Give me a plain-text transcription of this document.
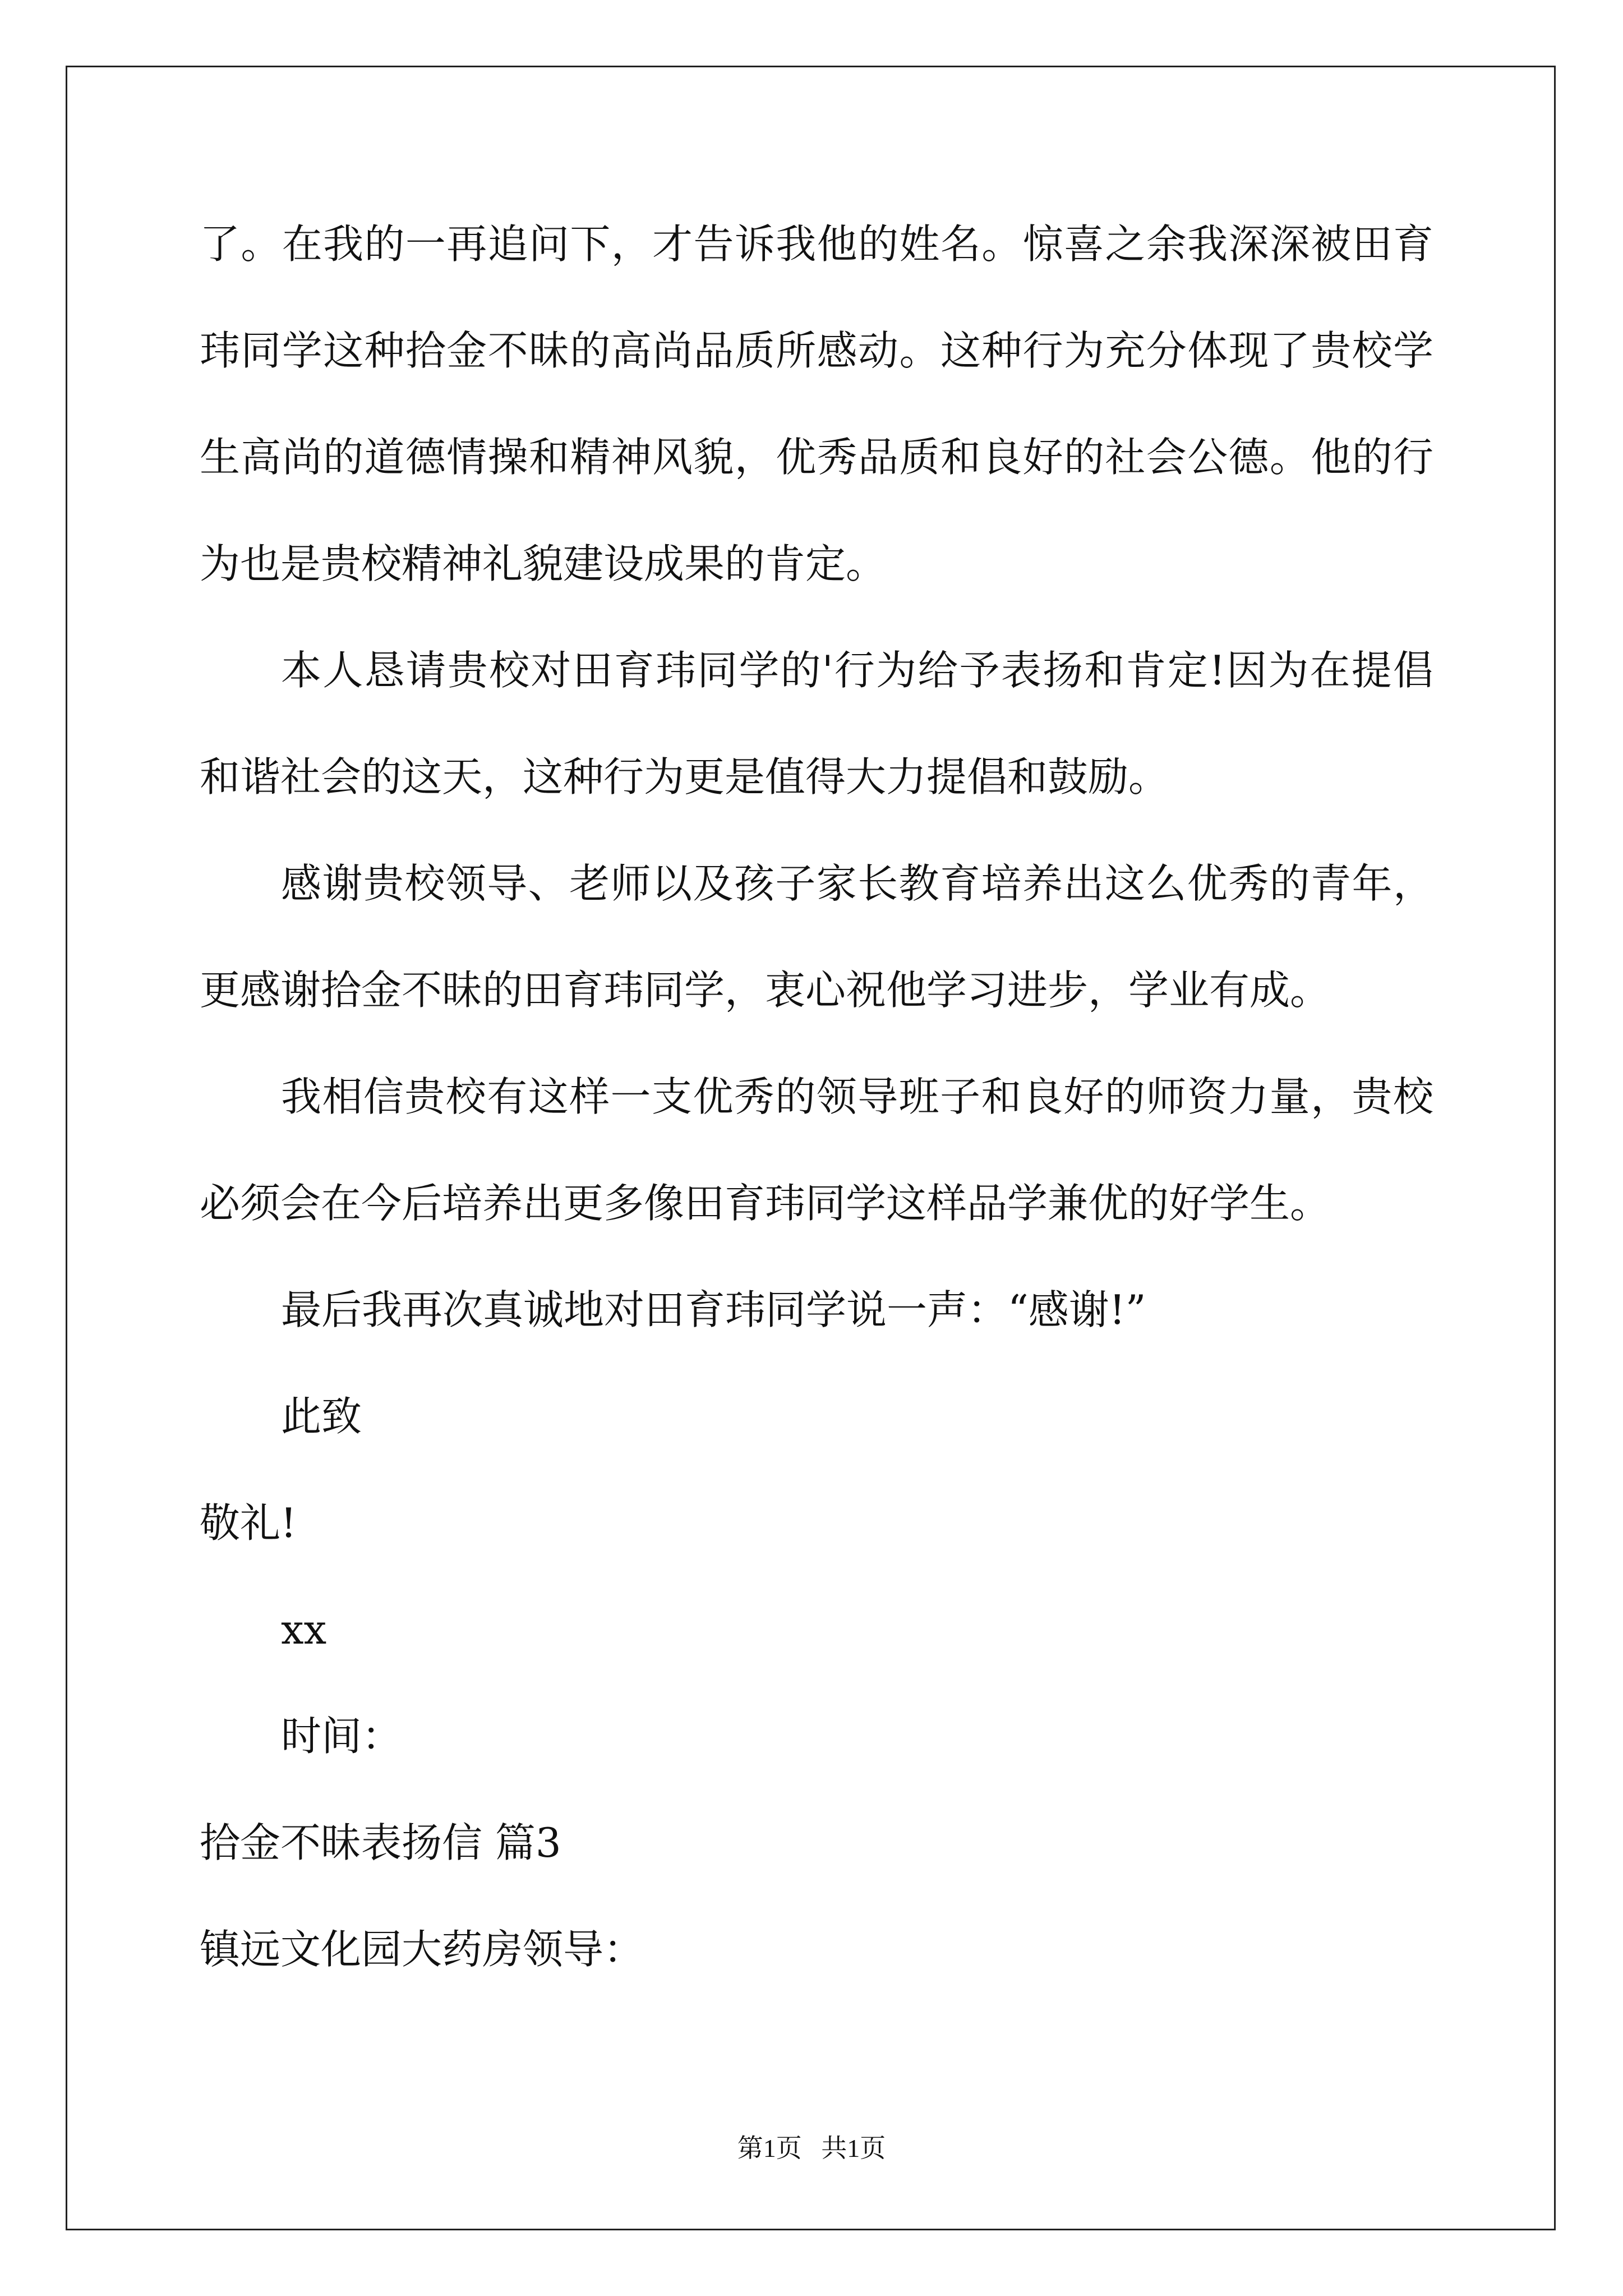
了。在我的一再追问下，才告诉我他的姓名。惊喜之余我深深被田育
玮同学这种拾金不昧的高尚品质所感动。这种行为充分体现了贵校学
生高尚的道德情操和精神风貌，优秀品质和良好的社会公德。他的行
为也是贵校精神礼貌建设成果的肯定。
本人恳请贵校对田育玮同学的'行为给予表扬和肯定!因为在提倡
和谐社会的这天，这种行为更是值得大力提倡和鼓励。
感谢贵校领导、老师以及孩子家长教育培养出这么优秀的青年，
更感谢拾金不昧的田育玮同学，衷心祝他学习进步，学业有成。
我相信贵校有这样一支优秀的领导班子和良好的师资力量，贵校
必须会在今后培养出更多像田育玮同学这样品学兼优的好学生。
最后我再次真诚地对田育玮同学说一声：“感谢!”
此致
敬礼!
xx
时间：
拾金不昧表扬信 篇3
镇远文化园大药房领导：
第1页   共1页
